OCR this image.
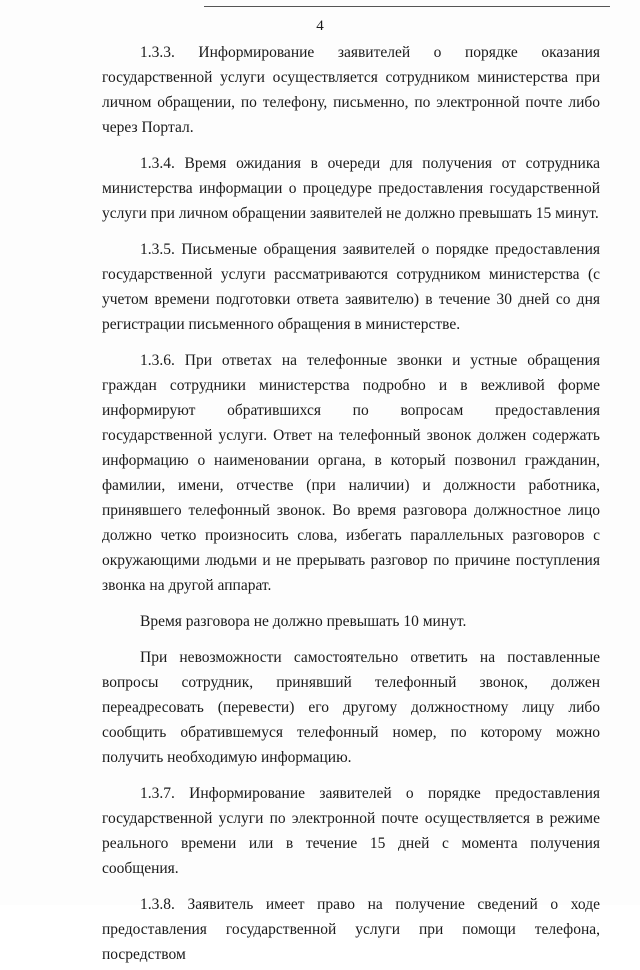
4

1.3.3. Информирование заявителей о порядке оказания государственной услуги осуществляется сотрудником министерства при личном обращении, по телефону, письменно, по электронной почте либо через Портал.

1.3.4. Время ожидания в очереди для получения от сотрудника министерства информации о процедуре предоставления государственной услуги при личном обращении заявителей не должно превышать 15 минут.

1.3.5. Письменые обращения заявителей о порядке предоставления государственной услуги рассматриваются сотрудником министерства (с учетом времени подготовки ответа заявителю) в течение 30 дней со дня регистрации письменного обращения в министерстве.

1.3.6. При ответах на телефонные звонки и устные обращения граждан сотрудники министерства подробно и в вежливой форме информируют обратившихся по вопросам предоставления государственной услуги. Ответ на телефонный звонок должен содержать информацию о наименовании органа, в который позвонил гражданин, фамилии, имени, отчестве (при наличии) и должности работника, принявшего телефонный звонок. Во время разговора должностное лицо должно четко произносить слова, избегать параллельных разговоров с окружающими людьми и не прерывать разговор по причине поступления звонка на другой аппарат.

Время разговора не должно превышать 10 минут.

При невозможности самостоятельно ответить на поставленные вопросы сотрудник, принявший телефонный звонок, должен переадресовать (перевести) его другому должностному лицу либо сообщить обратившемуся телефонный номер, по которому можно получить необходимую информацию.

1.3.7. Информирование заявителей о порядке предоставления государственной услуги по электронной почте осуществляется в режиме реального времени или в течение 15 дней с момента получения сообщения.

1.3.8. Заявитель имеет право на получение сведений о ходе предоставления государственной услуги при помощи телефона, посредством
